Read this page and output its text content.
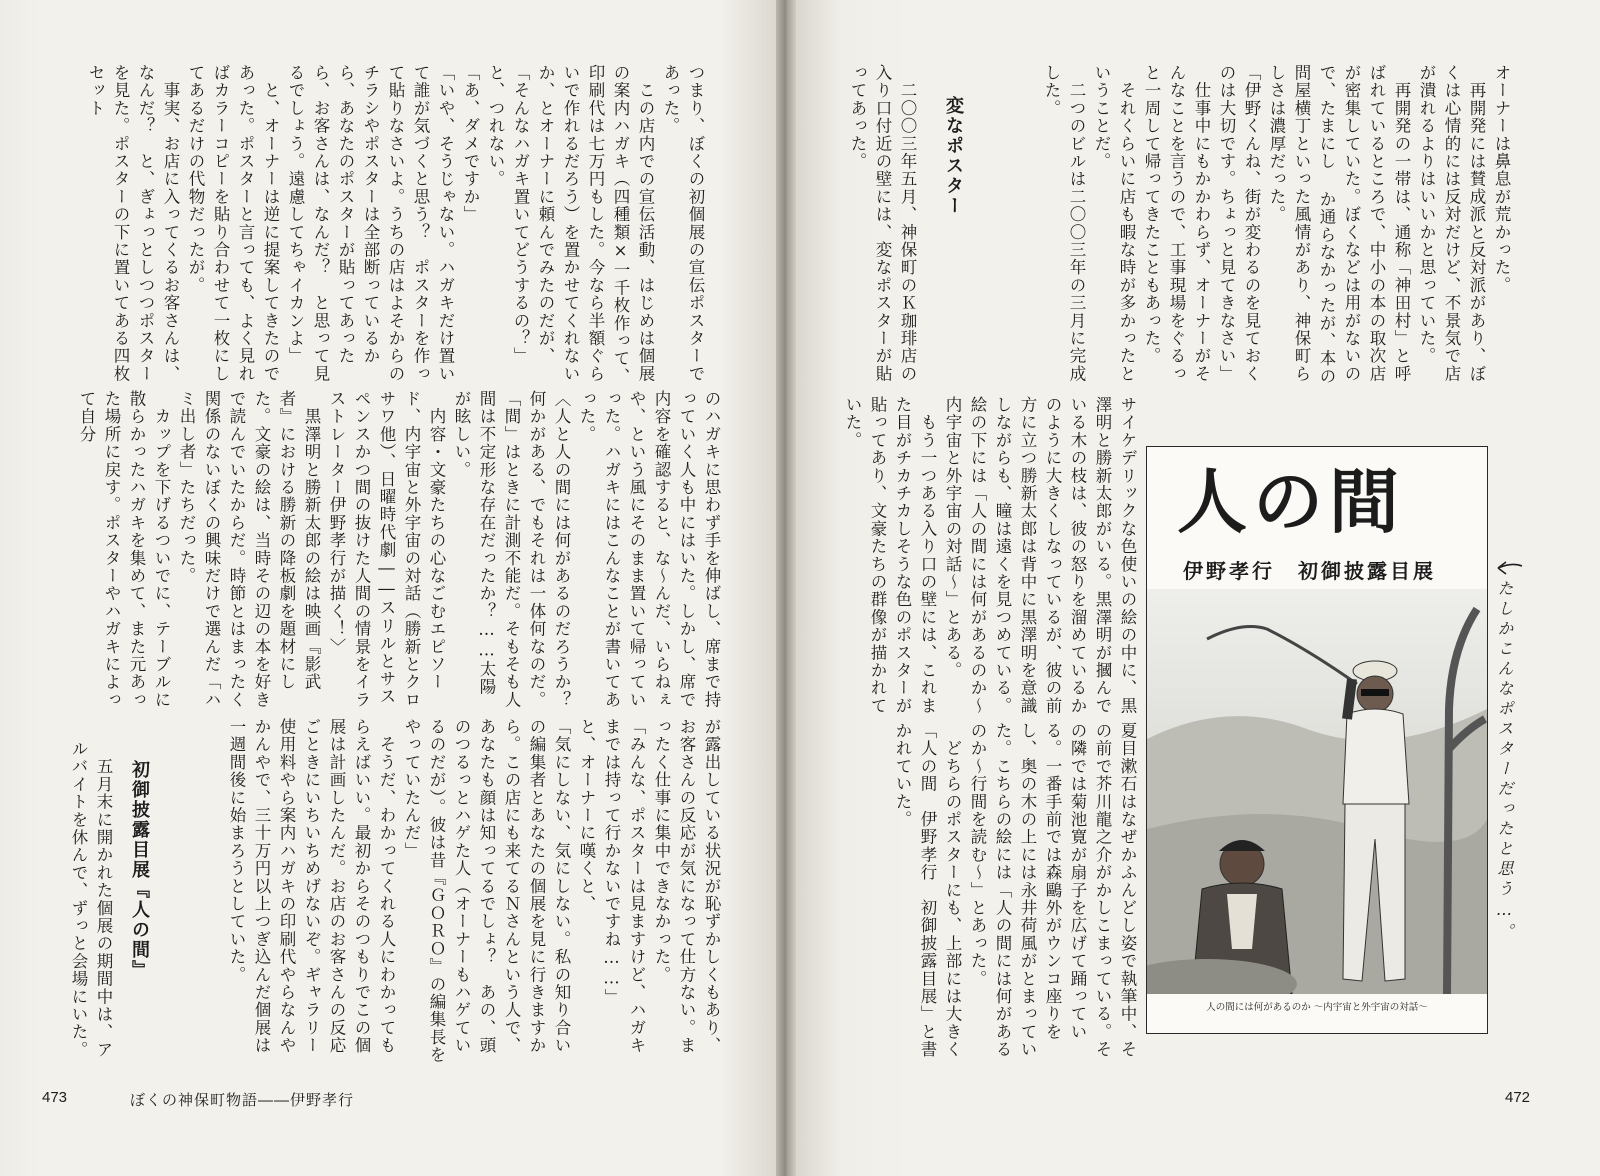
つまり、ぼくの初個展の宣伝ポスターであった。
　この店内での宣伝活動、はじめは個展の案内ハガキ（四種類×一千枚作って、印刷代は七万円もした。今なら半額ぐらいで作れるだろう）を置かせてくれないか、とオーナーに頼んでみたのだが、
「そんなハガキ置いてどうするの？」
と、つれない。
「あ、ダメですか」
「いや、そうじゃない。ハガキだけ置いて誰が気づくと思う？　ポスターを作って貼りなさいよ。うちの店はよそからのチラシやポスターは全部断っているから、あなたのポスターが貼ってあったら、お客さんは、なんだ？　と思って見るでしょう。遠慮してちゃイカンよ」
　と、オーナーは逆に提案してきたのであった。ポスターと言っても、よく見ればカラーコピーを貼り合わせて一枚にしてあるだけの代物だったが。
　事実、お店に入ってくるお客さんは、なんだ？　と、ぎょっとしつつポスターを見た。ポスターの下に置いてある四枚セット
のハガキに思わず手を伸ばし、席まで持っていく人も中にはいた。しかし、席で内容を確認すると、な～んだ、いらねぇや、という風にそのまま置いて帰っていった。ハガキにはこんなことが書いてあった。
〈人と人の間には何があるのだろうか？何かがある、でもそれは一体何なのだ。「間」はときに計測不能だ。そもそも人間は不定形な存在だったか？……太陽が眩しい。
　内容・文豪たちの心なごむエピソード、内宇宙と外宇宙の対話（勝新とクロサワ他）、日曜時代劇――スリルとサスペンスかつ間の抜けた人間の情景をイラストレーター伊野孝行が描く！〉
　黒澤明と勝新太郎の絵は映画『影武者』における勝新の降板劇を題材にした。文豪の絵は、当時その辺の本を好きで読んでいたからだ。時節とはまったく関係のないぼくの興味だけで選んだ「ハミ出し者」たちだった。
　カップを下げるついでに、テーブルに散らかったハガキを集めて、また元あった場所に戻す。ポスターやハガキによって自分
が露出している状況が恥ずかしくもあり、お客さんの反応が気になって仕方ない。まったく仕事に集中できなかった。
「みんな、ポスターは見ますけど、ハガキまでは持って行かないですね……」
と、オーナーに嘆くと、
「気にしない、気にしない。私の知り合いの編集者とあなたの個展を見に行きますから。この店にも来てるＮさんという人で、あなたも顔は知ってるでしょ？　あの、頭のつるっとハゲた人（オーナーもハゲているのだが）。彼は昔『ＧＯＲＯ』の編集長をやっていたんだ」
　そうだ、わかってくれる人にわかってもらえばいい。最初からそのつもりでこの個展は計画したんだ。お店のお客さんの反応ごときにいちいちめげないぞ。ギャラリー使用料やら案内ハガキの印刷代やらなんやかんやで、三十万円以上つぎ込んだ個展は一週間後に始まろうとしていた。
初御披露目展『人の間』
　五月末に開かれた個展の期間中は、アルバイトを休んで、ずっと会場にいた。
473	ぼくの神保町物語――伊野孝行
オーナーは鼻息が荒かった。
　再開発には賛成派と反対派があり、ぼくは心情的には反対だけど、不景気で店が潰れるよりはいいかと思っていた。
　再開発の一帯は、通称「神田村」と呼ばれているところで、中小の本の取次店が密集していた。ぼくなどは用がないので、たまにし か通らなかったが、本の問屋横丁といった風情があり、神保町らしさは濃厚だった。
「伊野くんね、街が変わるのを見ておくのは大切です。ちょっと見てきなさい」
　仕事中にもかかわらず、オーナーがそんなことを言うので、工事現場をぐるっと一周して帰ってきたこともあった。
　それくらいに店も暇な時が多かったということだ。
　二つのビルは二〇〇三年の三月に完成した。
変なポスター
　二〇〇三年五月、神保町のＫ珈琲店の入り口付近の壁には、変なポスターが貼ってあった。
サイケデリックな色使いの絵の中に、黒澤明と勝新太郎がいる。黒澤明が摑んでいる木の枝は、彼の怒りを溜めているかのように大きくしなっているが、彼の前方に立つ勝新太郎は背中に黒澤明を意識しながらも、瞳は遠くを見つめている。絵の下には「人の間には何があるのか～内宇宙と外宇宙の対話～」とある。
　もう一つある入り口の壁には、これまた目がチカチカしそうな色のポスターが貼ってあり、文豪たちの群像が描かれていた。
夏目漱石はなぜかふんどし姿で執筆中、その前で芥川龍之介がかしこまっている。その隣では菊池寛が扇子を広げて踊っている。一番手前では森鷗外がウンコ座りをし、奥の木の上には永井荷風がとまっていた。こちらの絵には「人の間には何があるのか～行間を読む～」とあった。
　どちらのポスターにも、上部には大きく「人の間　伊野孝行　初御披露目展」と書かれていた。
472
人の間
伊野孝行　初御披露目展
人の間には何があるのか ～内宇宙と外宇宙の対話～
たしかこんなポスターだったと思う…。
